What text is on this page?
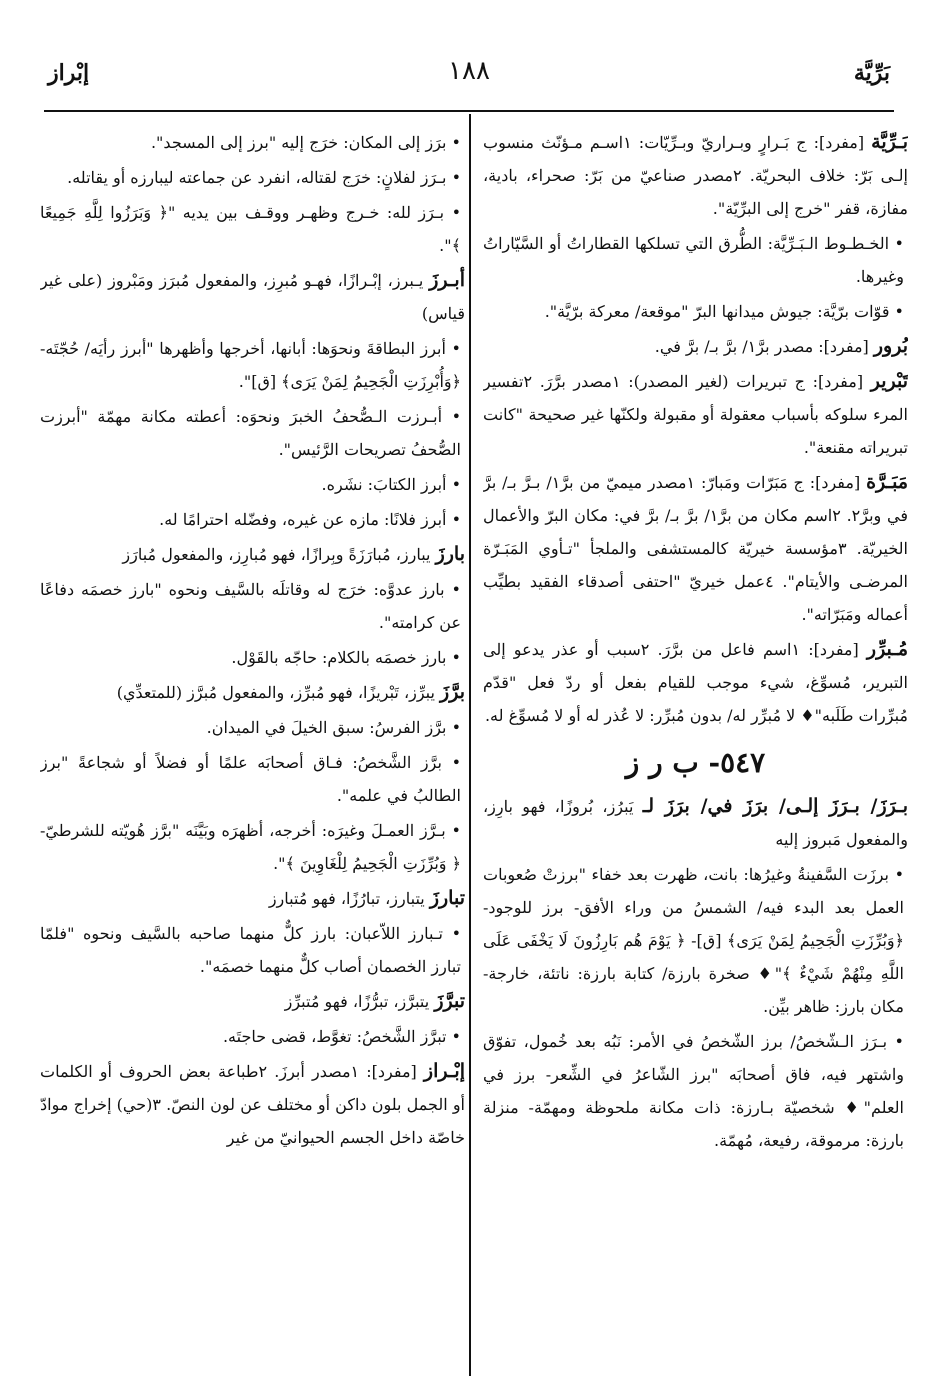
بَرِّيَّة
١٨٨
إبْراز
بَـرِّيَّة [مفرد]: ج بَـرارٍ وبـراريّ وبـرِّيّات: ١اسـم مـؤنّث منسوب إلـى بَرّ: خلاف البحريّة. ٢مصدر صناعيّ من بَرّ: صحراء، بادية، مفازة، قفر "خرج إلى البرِّيّة".
• الخـطـوط الـبَـرِّيَّة: الطُّرق التي تسلكها القطاراتُ أو السَّيّاراتُ وغيرها.
• قوّات برّيَّة: جيوش ميدانها البرّ "موقعة/ معركة برّيَّة".
بُرور [مفرد]: مصدر برَّ١/ برَّ بـ/ برَّ في.
تَبْرير [مفرد]: ج تبريرات (لغير المصدر): ١مصدر برَّرَ. ٢تفسير المرء سلوكه بأسباب معقولة أو مقبولة ولكنّها غير صحيحة "كانت تبريراته مقنعة".
مَبَـرَّة [مفرد]: ج مَبَرّات ومَبارّ: ١مصدر ميميّ من برَّ١/ بـرَّ بـ/ برَّ في وبرَّ٢. ٢اسم مكان من برَّ١/ برَّ بـ/ برَّ في: مكان البرّ والأعمال الخيريّة. ٣مؤسسة خيريّة كالمستشفى والملجأ "تـأوي المَبَـرّة المرضـى والأيتام". ٤عمل خيريّ "احتفى أصدقاء الفقيد بطيِّب أعماله ومَبَرّاته".
مُـبرِّر [مفرد]: ١اسم فاعل من برَّرَ. ٢سبب أو عذر يدعو إلى التبرير، مُسوِّغ، شيء موجب للقيام بفعل أو ردّ فعل "قدّم مُبرِّرات طَلَبه"♦ لا مُبرِّر له/ بدون مُبرِّر: لا عُذر له أو لا مُسوِّغ له.
٥٤٧- ب ر ز
بـرَزَ/ بـرَزَ إلـى/ برَزَ في/ برَزَ لـ يَبرُز، بُروزًا، فهو بارِز، والمفعول مَبروز إليه
• برزَت السَّفينةُ وغيرُها: بانت، ظهرت بعد خفاء "برزتْ صُعوبات العمل بعد البدء فيه/ الشمسُ من وراء الأفق- برز للوجود- ﴿وَبُرِّزَتِ الْجَحِيمُ لِمَنْ يَرَى﴾ [ق]- ﴿ يَوْمَ هُم بَارِزُونَ لَا يَخْفَى عَلَى اللَّهِ مِنْهُمْ شَيْءٌ ﴾"♦ صخرة بارزة/ كتابة بارزة: ناتئة، خارجة- مكان بارز: ظاهر بيِّن.
• بـرَز الـشّخصُ/ برز الشّخصُ في الأمر: نَبُه بعد خُمول، تفوّق واشتهر فيه، فاق أصحابَه "برز الشّاعرُ في الشِّعر- برز في العلم"♦ شخصيّة بـارزة: ذات مكانة ملحوظة ومهمّة- منزلة بارزة: مرموقة، رفيعة، مُهمّة.
• برَز إلى المكان: خرَج إليه "برز إلى المسجد".
• بـرَز لفلانٍ: خرَج لقتاله، انفرد عن جماعته ليبارزه أو يقاتله.
• بـرَز لله: خـرج وظهـر ووقـف بين يديه "﴿ وَبَرَزُوا لِلَّهِ جَمِيعًا ﴾".
أبـرزَ يـبرز، إبْـرازًا، فهـو مُبرِز، والمفعول مُبرَز ومَبْروز (على غير قياس)
• أبرز البطاقةَ ونحوَها: أبانها، أخرجها وأظهرها "أبرز رأيَه/ حُجّتَه- ﴿وَأُبْرِزَتِ الْجَحِيمُ لِمَنْ يَرَى﴾ [ق]".
• أبـرزت الـصُّحفُ الخبرَ ونحوَه: أعطته مكانة مهمّة "أبرزت الصُّحفُ تصريحات الرَّئيس".
• أبرز الكتابَ: نشَره.
• أبرز فلانًا: مازه عن غيره، وفضّله احترامًا له.
بارزَ يبارز، مُبارَزَةً وبِرازًا، فهو مُبارِز، والمفعول مُبارَز
• بارز عدوَّه: خرَج له وقاتلَه بالسَّيف ونحوه "بارز خصمَه دفاعًا عن كرامته".
• بارز خصمَه بالكلام: حاجّه بالقَوْل.
برَّزَ يبرِّز، تَبْريزًا، فهو مُبرِّز، والمفعول مُبرَّز (للمتعدِّي)
• برَّز الفرسُ: سبق الخيلَ في الميدان.
• برَّز الشَّخصُ: فـاق أصحابَه علمًا أو فضلاً أو شجاعةً "برز الطالبُ في علمه".
• بـرَّز العمـلَ وغيرَه: أخرجه، أظهرَه وبَيَّنَه "برَّز هُويّته للشرطيّ- ﴿ وَبُرِّزَتِ الْجَحِيمُ لِلْغَاوِينَ ﴾".
تبارزَ يتبارز، تبارُزًا، فهو مُتبارز
• تـبارز اللاّعبان: بارز كلٌّ منهما صاحبه بالسَّيف ونحوه "فلمّا تبارز الخصمان أصاب كلٌّ منهما خصمَه".
تبرَّزَ يتبرَّز، تبرُّزًا، فهو مُتبرِّز
• تبرَّز الشَّخصُ: تغوَّط، قضى حاجتَه.
إبْـراز [مفرد]: ١مصدر أبرزَ. ٢طباعة بعض الحروف أو الكلمات أو الجمل بلون داكن أو مختلف عن لون النصّ. ٣(حي) إخراج موادّ خاصّة داخل الجسم الحيوانيّ من غير
